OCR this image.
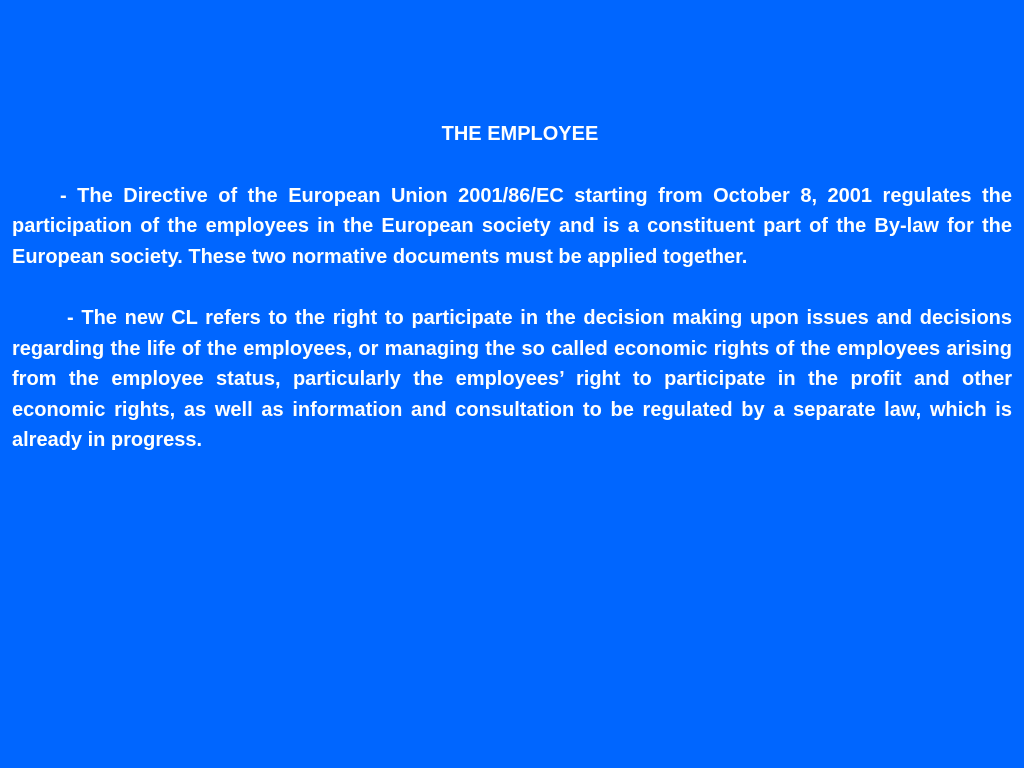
THE EMPLOYEE

- The Directive of the European Union 2001/86/EC starting from October 8, 2001 regulates the participation of the employees in the European society and is a constituent part of the By-law for the European society. These two normative documents must be applied together.

- The new CL refers to the right to participate in the decision making upon issues and decisions regarding the life of the employees, or managing the so called economic rights of the employees arising from the employee status, particularly the employees’ right to participate in the profit and other economic rights, as well as information and consultation to be regulated by a separate law, which is already in progress.
